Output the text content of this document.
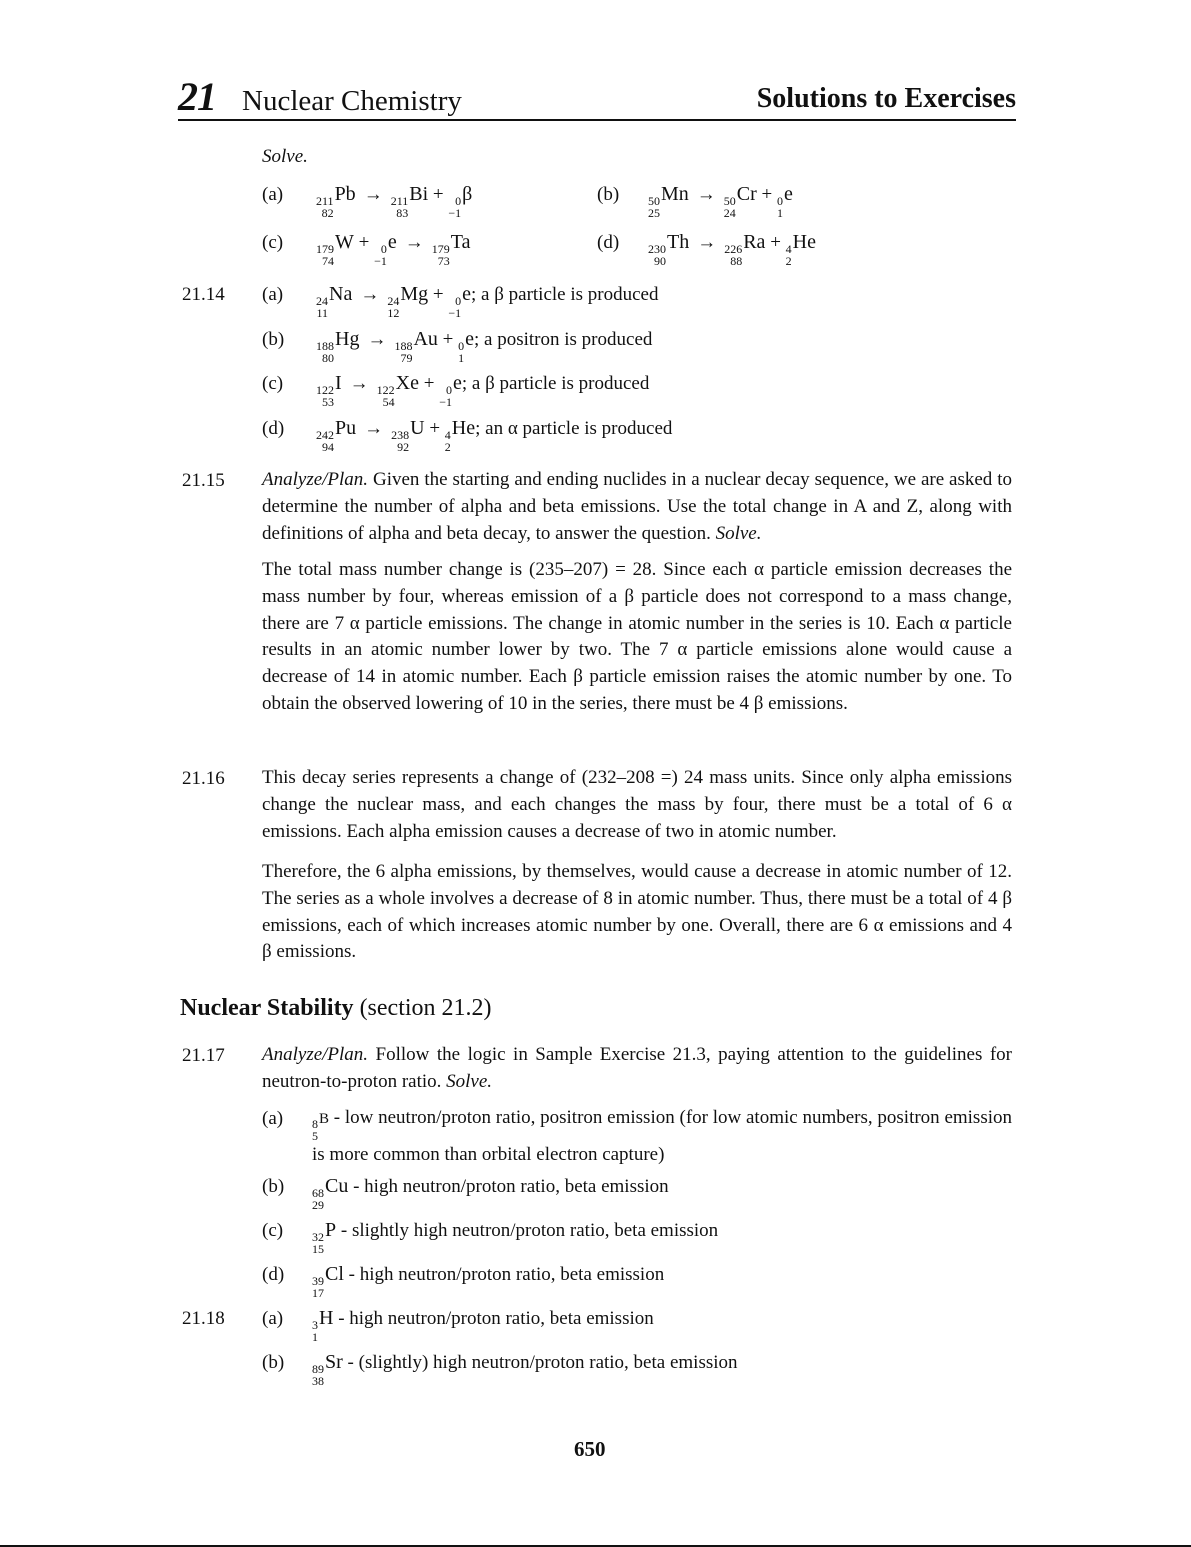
21 Nuclear Chemistry	Solutions to Exercises
Solve.
(a)	211
82
Pb → 211
83
Bi + 0
−1
β	(b) 50
25
Mn → 50
24
Cr + 0
1
e
(c)	179
74
W + 0
−1
e → 179
73
Ta	(d) 230
90
Th → 226
88
Ra + 4
2
He
21.14 (a)	24
11
Na → 24
12
Mg + 0
−1
e; a β particle is produced
(b)	188
80
Hg → 188
79
Au + 0
1
e; a positron is produced
(c)	122
53
I → 122
54
Xe + 0
−1
e; a β particle is produced
(d)	242
94
Pu → 238
92
U + 4
2
He; an α particle is produced
21.15 Analyze/Plan. Given the starting and ending nuclides in a nuclear decay sequence, we are asked to determine the number of alpha and beta emissions. Use the total change in A and Z, along with definitions of alpha and beta decay, to answer the question. Solve.
The total mass number change is (235–207) = 28. Since each α particle emission decreases the mass number by four, whereas emission of a β particle does not correspond to a mass change, there are 7 α particle emissions. The change in atomic number in the series is 10. Each α particle results in an atomic number lower by two. The 7 α particle emissions alone would cause a decrease of 14 in atomic number. Each β particle emission raises the atomic number by one. To obtain the observed lowering of 10 in the series, there must be 4 β emissions.
21.16 This decay series represents a change of (232–208 =) 24 mass units. Since only alpha emissions change the nuclear mass, and each changes the mass by four, there must be a total of 6 α emissions. Each alpha emission causes a decrease of two in atomic number.
Therefore, the 6 alpha emissions, by themselves, would cause a decrease in atomic number of 12. The series as a whole involves a decrease of 8 in atomic number. Thus, there must be a total of 4 β emissions, each of which increases atomic number by one. Overall, there are 6 α emissions and 4 β emissions.
Nuclear Stability (section 21.2)
21.17 Analyze/Plan. Follow the logic in Sample Exercise 21.3, paying attention to the guidelines for neutron-to-proton ratio. Solve.
(a) 8
5
B - low neutron/proton ratio, positron emission (for low atomic numbers, positron emission is more common than orbital electron capture)
(b) 68
29
Cu - high neutron/proton ratio, beta emission
(c) 32
15
P - slightly high neutron/proton ratio, beta emission
(d) 39
17
Cl - high neutron/proton ratio, beta emission
21.18 (a) 3
1
H - high neutron/proton ratio, beta emission
(b) 89
38
Sr - (slightly) high neutron/proton ratio, beta emission
650
